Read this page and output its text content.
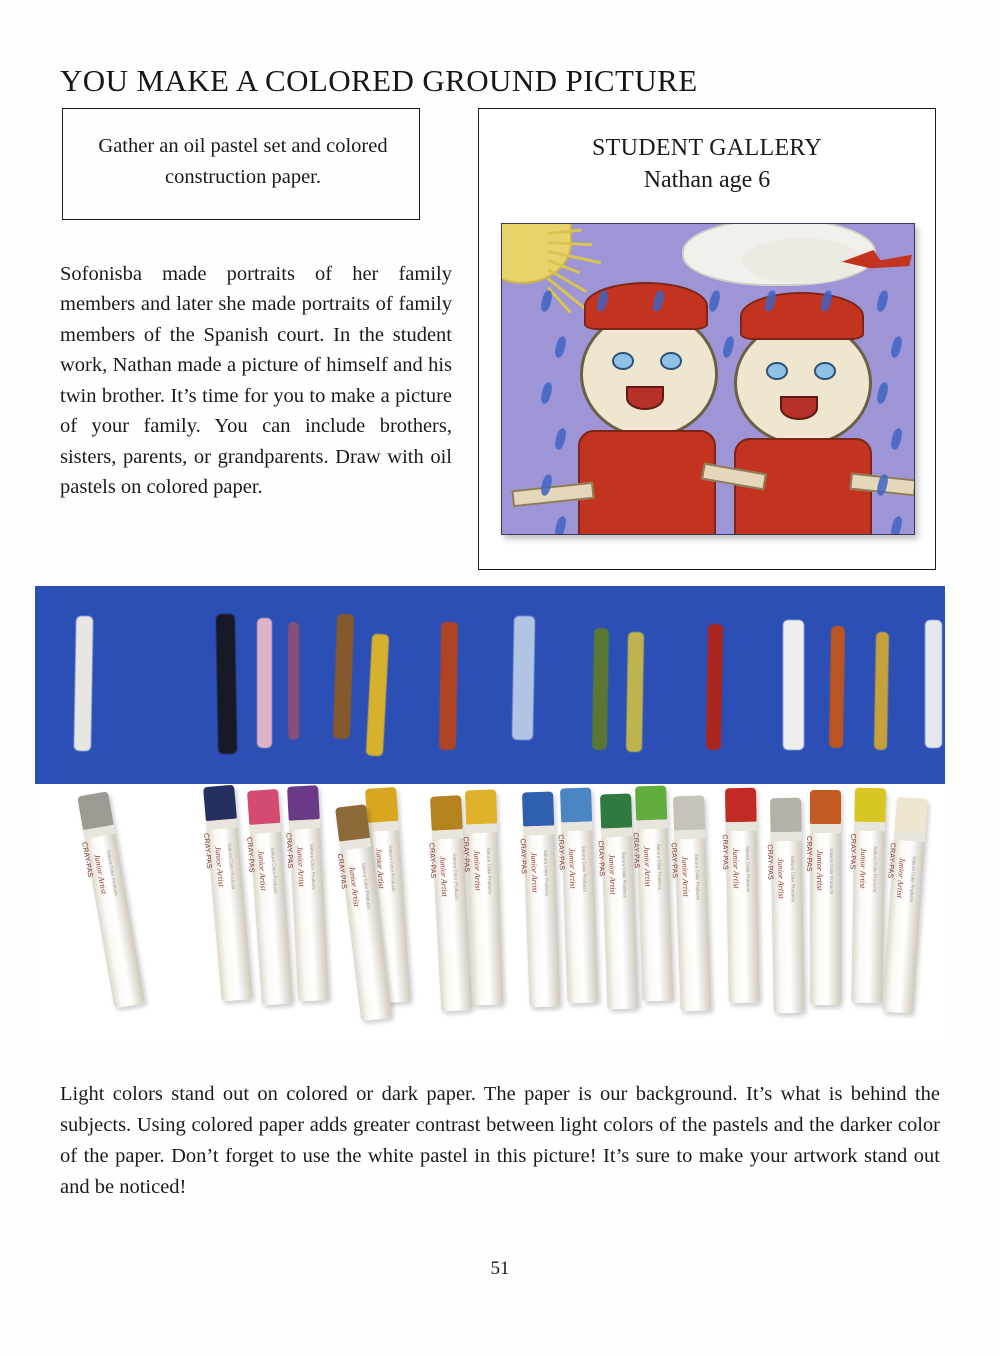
YOU MAKE A COLORED GROUND PICTURE
Gather an oil pastel set and colored construction paper.

Sofonisba made portraits of her family members and later she made portraits of family members of the Spanish court. In the student work, Nathan made a picture of himself and his twin brother. It’s time for you to make a picture of your family. You can include brothers, sisters, parents, or grandparents. Draw with oil pastels on colored paper.

STUDENT GALLERY
Nathan age 6
CRAY-PAS Junior Artist
Sakura Color Products	CRAY-PAS Junior Artist Sakura Color Products CRAY-PAS Junior Artist Sakura Color Products CRAY-PAS Junior Artist Sakura Color Products	Junior Artist Sakura Color Products
CRAY-PAS Junior Artist Sakura Color Products
CRAY-PAS Junior Artist Sakura Color Products CRAY-PAS Junior Artist Sakura Color Products	CRAY-PAS Junior Artist Sakura Color Products CRAY-PAS Junior Artist Sakura Color Products CRAY-PAS Junior Artist Sakura Color Products
CRAY-PAS Junior Artist Sakura Color Products CRAY-PAS Junior Artist Sakura Color Products
CRAY-PAS Junior Artist Sakura Color Products CRAY-PAS Junior Artist Sakura Color Products
CRAY-PAS Junior Artist Sakura Color Products CRAY-PAS Junior Artist Sakura Color Products CRAY-PAS Junior Artist Sakura Color Products

Light colors stand out on colored or dark paper. The paper is our background. It’s what is behind the subjects. Using colored paper adds greater contrast between light colors of the pastels and the darker color of the paper. Don’t forget to use the white pastel in this picture! It’s sure to make your artwork stand out and be noticed!

51
